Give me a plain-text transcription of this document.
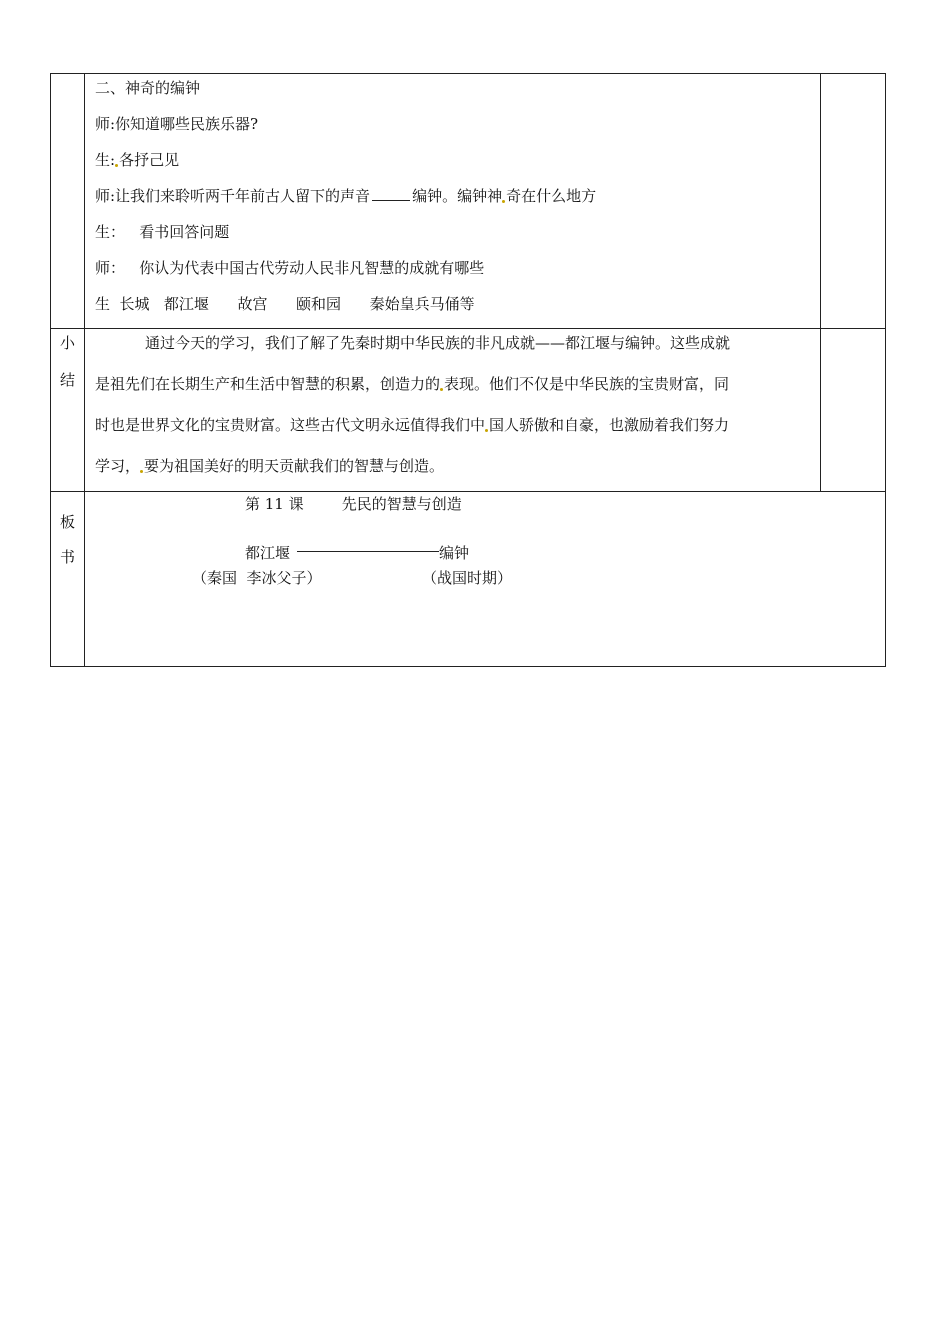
二、神奇的编钟
师:你知道哪些民族乐器?
生: 各抒己见
师:让我们来聆听两千年前古人留下的声音	编钟。编钟神 奇在什么地方
生：   看书回答问题
师：   你认为代表中国古代劳动人民非凡智慧的成就有哪些
生  长城   都江堰      故宫      颐和园      秦始皇兵马俑等
小
结
通过今天的学习，我们了解了先秦时期中华民族的非凡成就——都江堰与编钟。这些成就
是祖先们在长期生产和生活中智慧的积累，创造力的 表现。他们不仅是中华民族的宝贵财富，同
时也是世界文化的宝贵财富。这些古代文明永远值得我们中 国人骄傲和自豪，也激励着我们努力
学习， 要为祖国美好的明天贡献我们的智慧与创造。
板
书
第 11 课        先民的智慧与创造
都江堰	编钟
（秦国  李冰父子）	（战国时期）
